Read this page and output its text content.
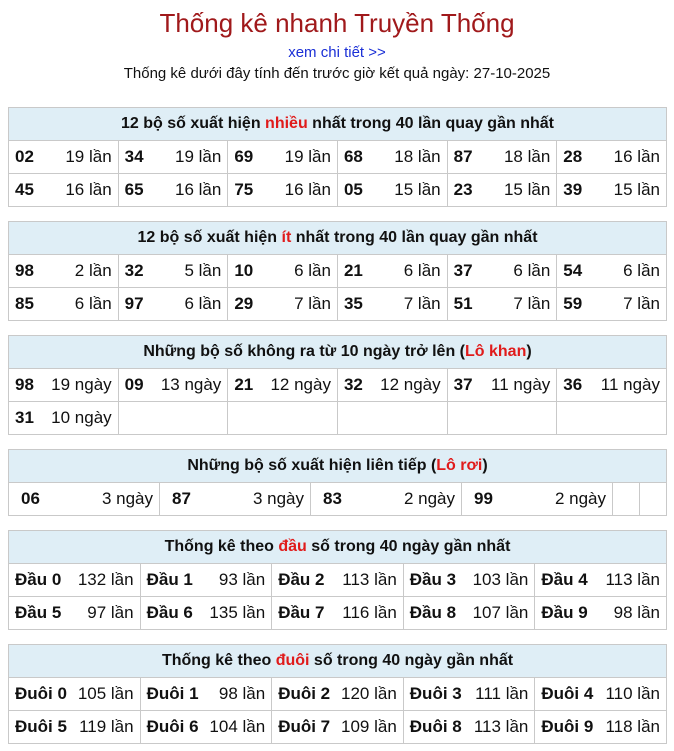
Thống kê nhanh Truyền Thống
xem chi tiết >>
Thống kê dưới đây tính đến trước giờ kết quả ngày: 27-10-2025
12 bộ số xuất hiện nhiều nhất trong 40 lần quay gần nhất					
02 19 lần	34 19 lần	69 19 lần	68 18 lần	87 18 lần	28 16 lần

45 16 lần	65 16 lần	75 16 lần	05 15 lần	23 15 lần	39 15 lần
12 bộ số xuất hiện ít nhất trong 40 lần quay gần nhất					
98 2 lần	32 5 lần	10 6 lần	21 6 lần	37 6 lần	54 6 lần

85 6 lần	97 6 lần	29 7 lần	35 7 lần	51 7 lần	59 7 lần
Những bộ số không ra từ 10 ngày trở lên (Lô khan)					
98 19 ngày	09 13 ngày	21 12 ngày	32 12 ngày	37 11 ngày	36 11 ngày

31 10 ngày					

Những bộ số xuất hiện liên tiếp (Lô rơi)
06	3 ngày	87	3 ngày	83	2 ngày	99	2 ngày

Thống kê theo đầu số trong 40 ngày gần nhất				
Đầu 0 132 lần	Đầu 1 93 lần	Đầu 2 113 lần	Đầu 3 103 lần	Đầu 4 113 lần

Đầu 5 97 lần	Đầu 6 135 lần	Đầu 7 116 lần	Đầu 8 107 lần	Đầu 9 98 lần
Thống kê theo đuôi số trong 40 ngày gần nhất				
Đuôi 0 105 lần	Đuôi 1 98 lần	Đuôi 2 120 lần	Đuôi 3 111 lần	Đuôi 4 110 lần

Đuôi 5 119 lần	Đuôi 6 104 lần	Đuôi 7 109 lần	Đuôi 8 113 lần	Đuôi 9 118 lần
